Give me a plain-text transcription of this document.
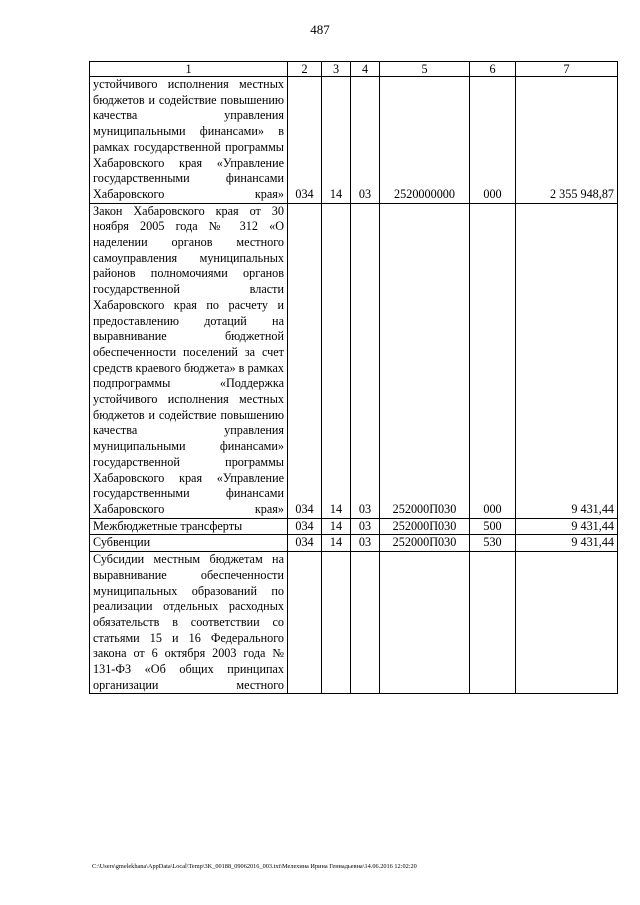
487
1	2	3	4	5	6	7
устойчивого исполнения местных бюджетов и содействие повышению качества управления муниципальными финансами» в рамках государственной программы Хабаровского края «Управление государственными финансами Хабаровского края»	034	14	03	2520000000	000	2 355 948,87
Закон Хабаровского края от 30 ноября 2005 года № 312 «О наделении органов местного самоуправления муниципальных районов полномочиями органов государственной власти Хабаровского края по расчету и предоставлению дотаций на выравнивание бюджетной обеспеченности поселений за счет средств краевого бюджета» в рамках подпрограммы «Поддержка устойчивого исполнения местных бюджетов и содействие повышению качества управления муниципальными финансами» государственной программы Хабаровского края «Управление государственными финансами Хабаровского края»	034	14	03	252000П030	000	9 431,44
Межбюджетные трансферты	034	14	03	252000П030	500	9 431,44
Субвенции	034	14	03	252000П030	530	9 431,44
Субсидии местным бюджетам на выравнивание обеспеченности муниципальных образований по реализации отдельных расходных обязательств в соответствии со статьями 15 и 16 Федерального закона от 6 октября 2003 года № 131-ФЗ «Об общих принципах организации местного						
C:\Users\gmelekhana\AppData\Local\Temp\3K_00188_09062016_003.txt\Мелехина Ирина Геннадьевна\14.06.2016 12:02:20
